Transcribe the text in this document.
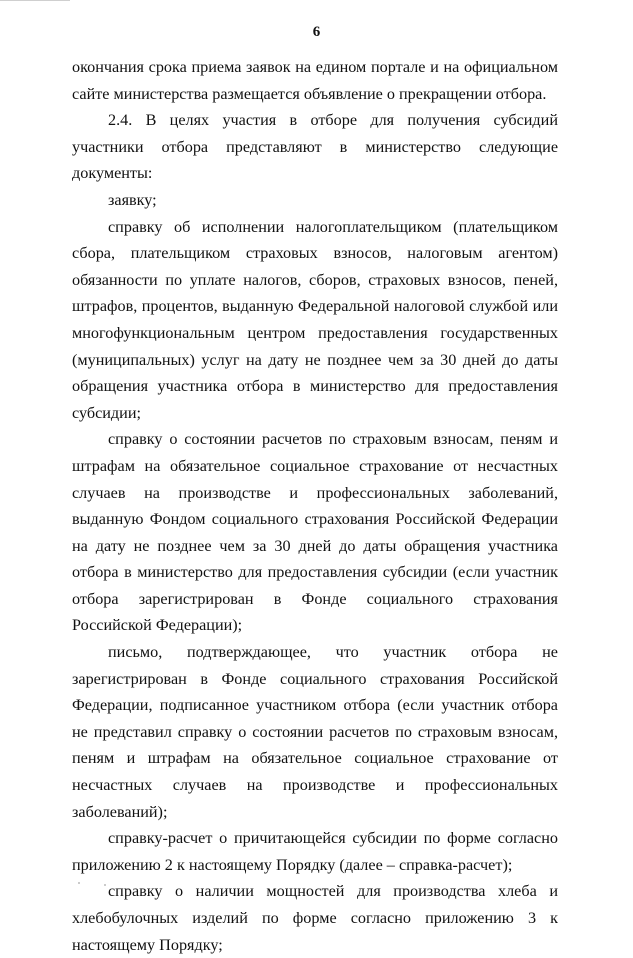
6

окончания срока приема заявок на едином портале и на официальном сайте министерства размещается объявление о прекращении отбора.

2.4. В целях участия в отборе для получения субсидий участники отбора представляют в министерство следующие документы:

заявку;

справку об исполнении налогоплательщиком (плательщиком сбора, плательщиком страховых взносов, налоговым агентом) обязанности по уплате налогов, сборов, страховых взносов, пеней, штрафов, процентов, выданную Федеральной налоговой службой или многофункциональным центром предоставления государственных (муниципальных) услуг на дату не позднее чем за 30 дней до даты обращения участника отбора в министерство для предоставления субсидии;

справку о состоянии расчетов по страховым взносам, пеням и штрафам на обязательное социальное страхование от несчастных случаев на производстве и профессиональных заболеваний, выданную Фондом социального страхования Российской Федерации на дату не позднее чем за 30 дней до даты обращения участника отбора в министерство для предоставления субсидии (если участник отбора зарегистрирован в Фонде социального страхования Российской Федерации);

письмо, подтверждающее, что участник отбора не зарегистрирован в Фонде социального страхования Российской Федерации, подписанное участником отбора (если участник отбора не представил справку о состоянии расчетов по страховым взносам, пеням и штрафам на обязательное социальное страхование от несчастных случаев на производстве и профессиональных заболеваний);

справку-расчет о причитающейся субсидии по форме согласно приложению 2 к настоящему Порядку (далее – справка-расчет);

справку о наличии мощностей для производства хлеба и хлебобулочных изделий по форме согласно приложению 3 к настоящему Порядку;
